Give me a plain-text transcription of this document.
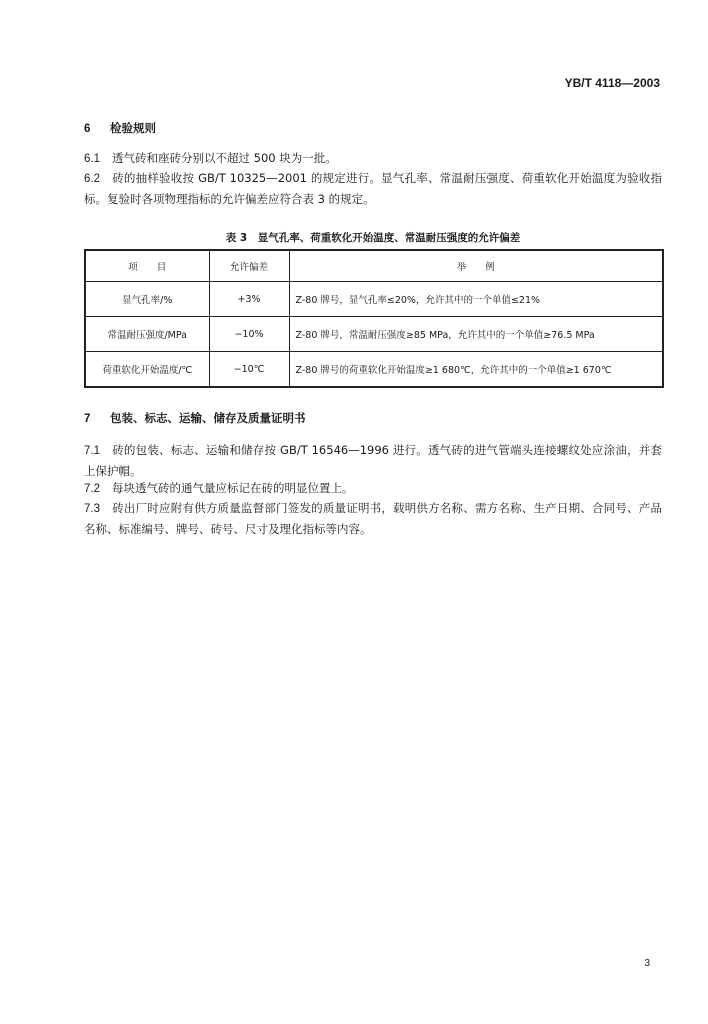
YB/T 4118—2003
6 检验规则
6.1 透气砖和座砖分别以不超过 500 块为一批。
6.2 砖的抽样验收按 GB/T 10325—2001 的规定进行。显气孔率、常温耐压强度、荷重软化开始温度为验收指标。复验时各项物理指标的允许偏差应符合表 3 的规定。
表 3　显气孔率、荷重软化开始温度、常温耐压强度的允许偏差
项　　目	允许偏差	举　　例
显气孔率/%	+3%	Z-80 牌号，显气孔率≤20%，允许其中的一个单值≤21%
常温耐压强度/MPa	−10%	Z-80 牌号，常温耐压强度≥85 MPa，允许其中的一个单值≥76.5 MPa
荷重软化开始温度/℃	−10℃	Z-80 牌号的荷重软化开始温度≥1 680℃，允许其中的一个单值≥1 670℃
7 包装、标志、运输、储存及质量证明书
7.1 砖的包装、标志、运输和储存按 GB/T 16546—1996 进行。透气砖的进气管端头连接螺纹处应涂油，并套上保护帽。
7.2 每块透气砖的通气量应标记在砖的明显位置上。
7.3 砖出厂时应附有供方质量监督部门签发的质量证明书，载明供方名称、需方名称、生产日期、合同号、产品名称、标准编号、牌号、砖号、尺寸及理化指标等内容。
3
